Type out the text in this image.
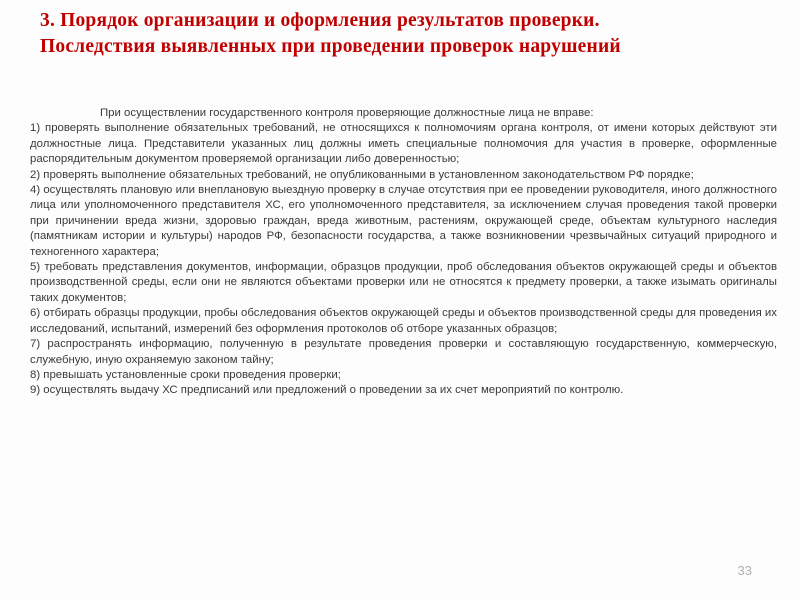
3. Порядок организации и оформления результатов проверки.
Последствия выявленных при проведении проверок нарушений

При осуществлении государственного контроля проверяющие должностные лица не вправе:

1) проверять выполнение обязательных требований, не относящихся к полномочиям органа контроля, от имени которых действуют эти должностные лица. Представители указанных лиц должны иметь специальные полномочия для участия в проверке, оформленные распорядительным документом проверяемой организации либо доверенностью;

2) проверять выполнение обязательных требований, не опубликованными в установленном законодательством РФ порядке;

4) осуществлять плановую или внеплановую выездную проверку в случае отсутствия при ее проведении руководителя, иного должностного лица или уполномоченного представителя ХС, его уполномоченного представителя, за исключением случая проведения такой проверки при причинении вреда жизни, здоровью граждан, вреда животным, растениям, окружающей среде, объектам культурного наследия (памятникам истории и культуры) народов РФ, безопасности государства, а также возникновении чрезвычайных ситуаций природного и техногенного характера;

5) требовать представления документов, информации, образцов продукции, проб обследования объектов окружающей среды и объектов производственной среды, если они не являются объектами проверки или не относятся к предмету проверки, а также изымать оригиналы таких документов;

6) отбирать образцы продукции, пробы обследования объектов окружающей среды и объектов производственной среды для проведения их исследований, испытаний, измерений без оформления протоколов об отборе указанных образцов;

7) распространять информацию, полученную в результате проведения проверки и составляющую государственную, коммерческую, служебную, иную охраняемую законом тайну;

8) превышать установленные сроки проведения проверки;

9) осуществлять выдачу ХС предписаний или предложений о проведении за их счет мероприятий по контролю.

33
